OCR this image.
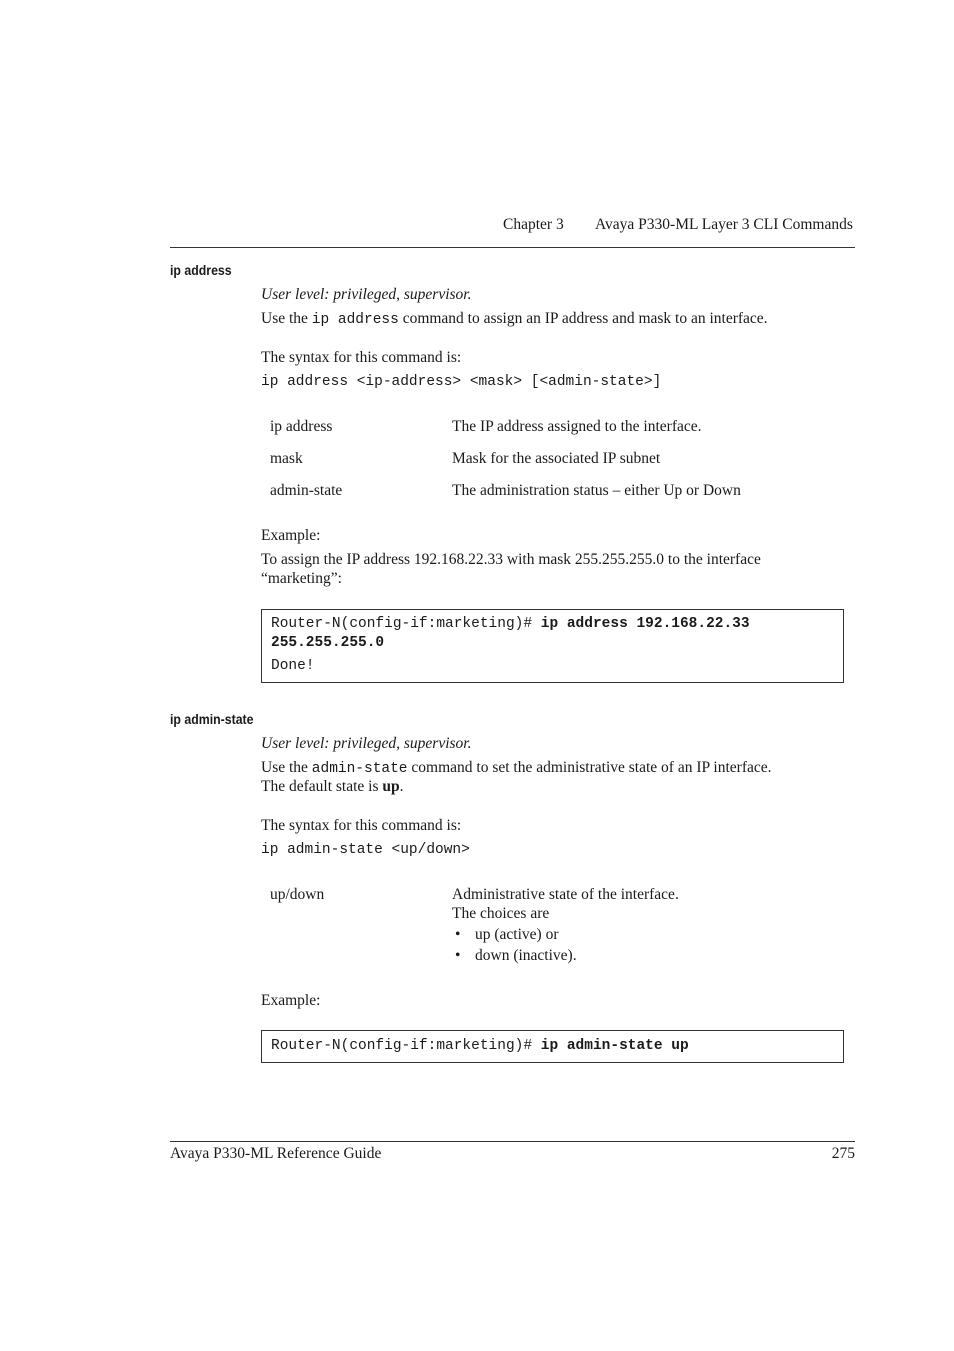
Chapter 3 Avaya P330-ML Layer 3 CLI Commands
ip address
User level: privileged, supervisor.
Use the ip address command to assign an IP address and mask to an interface.
The syntax for this command is:
ip address <ip-address> <mask> [<admin-state>]
ip address	The IP address assigned to the interface.
mask	Mask for the associated IP subnet
admin-state	The administration status – either Up or Down
Example:
To assign the IP address 192.168.22.33 with mask 255.255.255.0 to the interface
“marketing”:
Router-N(config-if:marketing)# ip address 192.168.22.33
255.255.255.0
Done!
ip admin-state
User level: privileged, supervisor.
Use the admin-state command to set the administrative state of an IP interface.
The default state is up.
The syntax for this command is:
ip admin-state <up/down>
up/down	Administrative state of the interface.
The choices are
• up (active) or
• down (inactive).
Example:
Router-N(config-if:marketing)# ip admin-state up
Avaya P330-ML Reference Guide	275
